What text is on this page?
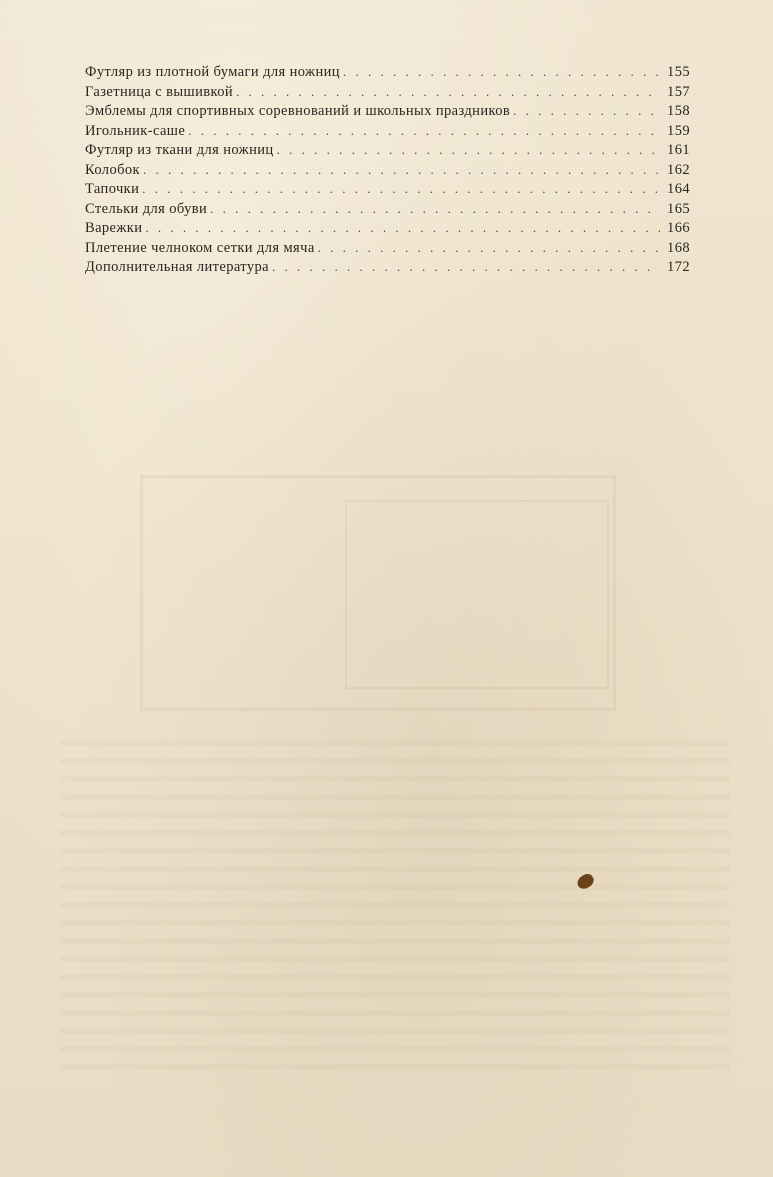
Футляр из плотной бумаги для ножниц . . .	155
Газетница с вышивкой . . .	157
Эмблемы для спортивных соревнований и школьных праздников . . .	158
Игольник-саше . . .	159
Футляр из ткани для ножниц . . .	161
Колобок . . .	162
Тапочки . . .	164
Стельки для обуви . . .	165
Варежки . . .	166
Плетение челноком сетки для мяча . . .	168
Дополнительная литература . . .	172
